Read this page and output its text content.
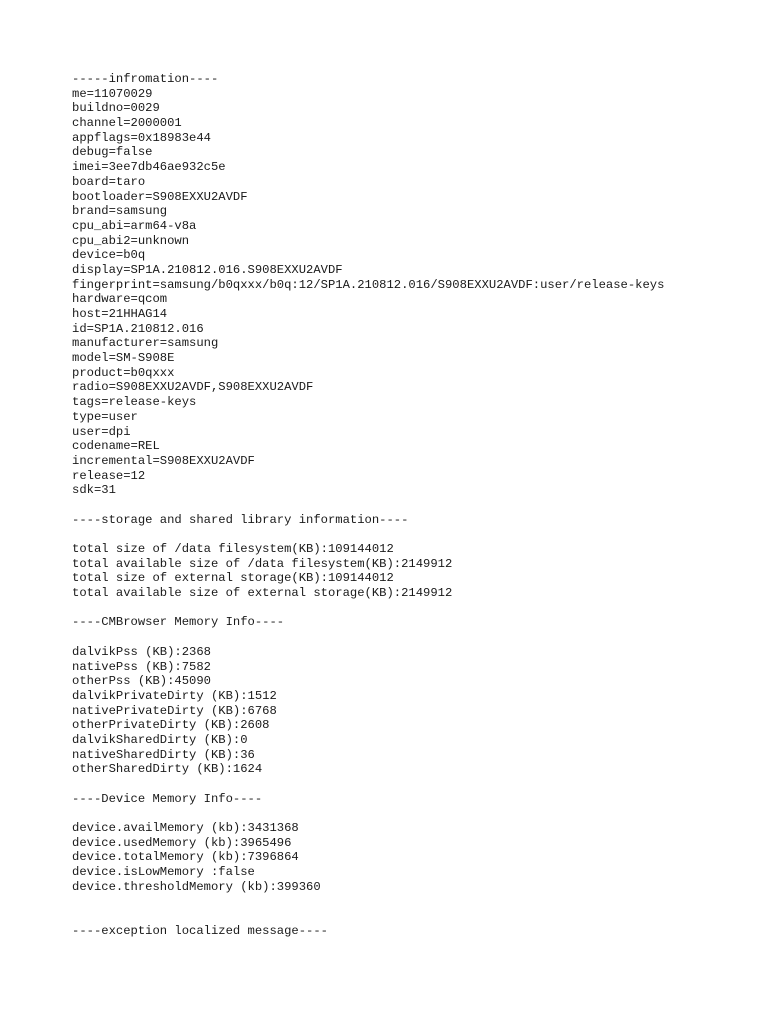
-----infromation----
me=11070029
buildno=0029
channel=2000001
appflags=0x18983e44
debug=false
imei=3ee7db46ae932c5e
board=taro
bootloader=S908EXXU2AVDF
brand=samsung
cpu_abi=arm64-v8a
cpu_abi2=unknown
device=b0q
display=SP1A.210812.016.S908EXXU2AVDF
fingerprint=samsung/b0qxxx/b0q:12/SP1A.210812.016/S908EXXU2AVDF:user/release-keys
hardware=qcom
host=21HHAG14
id=SP1A.210812.016
manufacturer=samsung
model=SM-S908E
product=b0qxxx
radio=S908EXXU2AVDF,S908EXXU2AVDF
tags=release-keys
type=user
user=dpi
codename=REL
incremental=S908EXXU2AVDF
release=12
sdk=31
----storage and shared library information----
total size of /data filesystem(KB):109144012
total available size of /data filesystem(KB):2149912
total size of external storage(KB):109144012
total available size of external storage(KB):2149912
----CMBrowser Memory Info----
dalvikPss (KB):2368
nativePss (KB):7582
otherPss (KB):45090
dalvikPrivateDirty (KB):1512
nativePrivateDirty (KB):6768
otherPrivateDirty (KB):2608
dalvikSharedDirty (KB):0
nativeSharedDirty (KB):36
otherSharedDirty (KB):1624
----Device Memory Info----
device.availMemory (kb):3431368
device.usedMemory (kb):3965496
device.totalMemory (kb):7396864
device.isLowMemory :false
device.thresholdMemory (kb):399360
----exception localized message----
